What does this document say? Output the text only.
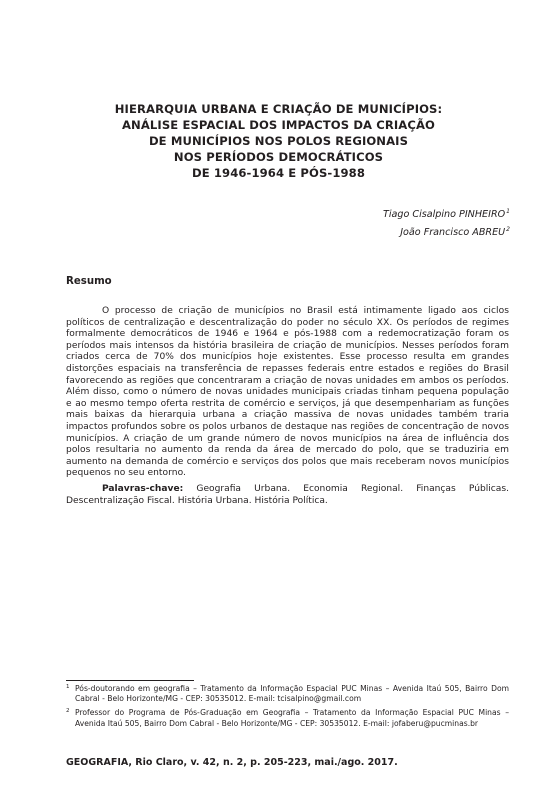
HIERARQUIA URBANA E CRIAÇÃO DE MUNICÍPIOS:
ANÁLISE ESPACIAL DOS IMPACTOS DA CRIAÇÃO
DE MUNICÍPIOS NOS POLOS REGIONAIS
NOS PERÍODOS DEMOCRÁTICOS
DE 1946-1964 E PÓS-1988
Tiago Cisalpino PINHEIRO$^1$
João Francisco ABREU$^2$
Resumo

O processo de criação de municípios no Brasil está intimamente ligado aos ciclos políticos de centralização e descentralização do poder no século XX. Os períodos de regimes formalmente democráticos de 1946 e 1964 e pós-1988 com a redemocratização foram os períodos mais intensos da história brasileira de criação de municípios. Nesses períodos foram criados cerca de 70% dos municípios hoje existentes. Esse processo resulta em grandes distorções espaciais na transferência de repasses federais entre estados e regiões do Brasil favorecendo as regiões que concentraram a criação de novas unidades em ambos os períodos. Além disso, como o número de novas unidades municipais criadas tinham pequena população e ao mesmo tempo oferta restrita de comércio e serviços, já que desempenhariam as funções mais baixas da hierarquia urbana a criação massiva de novas unidades também traria impactos profundos sobre os polos urbanos de destaque nas regiões de concentração de novos municípios. A criação de um grande número de novos municípios na área de influência dos polos resultaria no aumento da renda da área de mercado do polo, que se traduziria em aumento na demanda de comércio e serviços dos polos que mais receberam novos municípios pequenos no seu entorno.

Palavras-chave: Geografia Urbana. Economia Regional. Finanças Públicas. Descentralização Fiscal. História Urbana. História Política.

1 Pós-doutorando em geografia – Tratamento da Informação Espacial PUC Minas – Avenida Itaú 505, Bairro Dom Cabral - Belo Horizonte/MG - CEP: 30535012. E-mail: tcisalpino@gmail.com

2 Professor do Programa de Pós-Graduação em Geografia – Tratamento da Informação Espacial PUC Minas – Avenida Itaú 505, Bairro Dom Cabral - Belo Horizonte/MG - CEP: 30535012. E-mail: jofaberu@pucminas.br

GEOGRAFIA, Rio Claro, v. 42, n. 2, p. 205-223, mai./ago. 2017.
